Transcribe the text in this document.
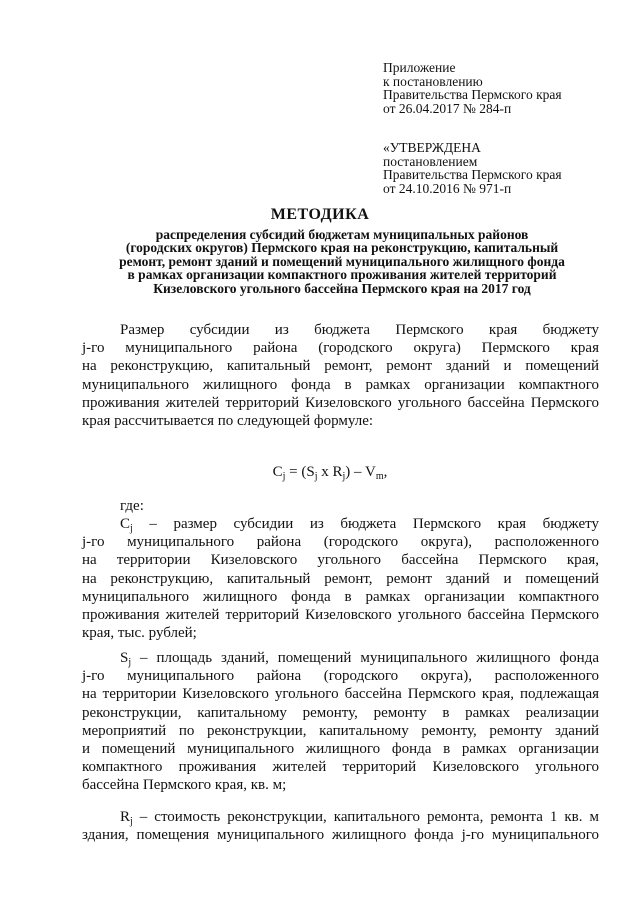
Приложение
к постановлению
Правительства Пермского края
от 26.04.2017 № 284-п
«УТВЕРЖДЕНА
постановлением
Правительства Пермского края
от 24.10.2016 № 971-п
МЕТОДИКА
распределения субсидий бюджетам муниципальных районов
(городских округов) Пермского края на реконструкцию, капитальный
ремонт, ремонт зданий и помещений муниципального жилищного фонда
в рамках организации компактного проживания жителей территорий
Кизеловского угольного бассейна Пермского края на 2017 год
Размер субсидии из бюджета Пермского края бюджету
j-го муниципального района (городского округа) Пермского края
на реконструкцию, капитальный ремонт, ремонт зданий и помещений
муниципального жилищного фонда в рамках организации компактного
проживания жителей территорий Кизеловского угольного бассейна Пермского
края рассчитывается по следующей формуле:
$C_j = (S_j$ x $R_j) - V_m$,
где:
$C_j$ – размер субсидии из бюджета Пермского края бюджету
j-го муниципального района (городского округа), расположенного
на территории Кизеловского угольного бассейна Пермского края,
на реконструкцию, капитальный ремонт, ремонт зданий и помещений
муниципального жилищного фонда в рамках организации компактного
проживания жителей территорий Кизеловского угольного бассейна Пермского
края, тыс. рублей;
$S_j$ – площадь зданий, помещений муниципального жилищного фонда
j-го муниципального района (городского округа), расположенного
на территории Кизеловского угольного бассейна Пермского края, подлежащая
реконструкции, капитальному ремонту, ремонту в рамках реализации
мероприятий по реконструкции, капитальному ремонту, ремонту зданий
и помещений муниципального жилищного фонда в рамках организации
компактного проживания жителей территорий Кизеловского угольного
бассейна Пермского края, кв. м;
$R_j$ – стоимость реконструкции, капитального ремонта, ремонта 1 кв. м
здания, помещения муниципального жилищного фонда j-го муниципального
